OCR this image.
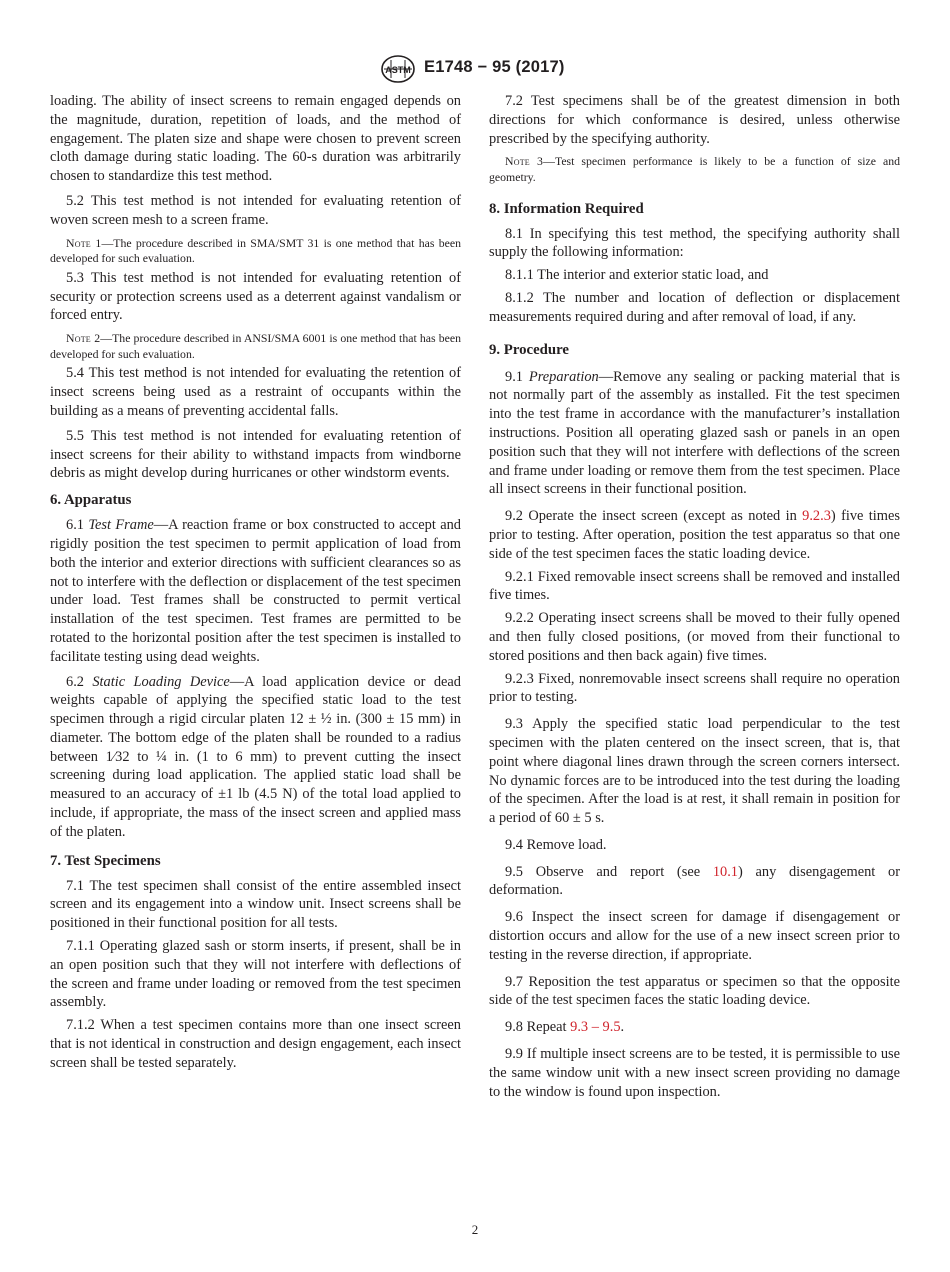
ASTM E1748 − 95 (2017)

loading. The ability of insect screens to remain engaged depends on the magnitude, duration, repetition of loads, and the method of engagement. The platen size and shape were chosen to prevent screen cloth damage during static loading. The 60-s duration was arbitrarily chosen to standardize this test method.

5.2 This test method is not intended for evaluating retention of woven screen mesh to a screen frame.

Note 1—The procedure described in SMA/SMT 31 is one method that has been developed for such evaluation.

5.3 This test method is not intended for evaluating retention of security or protection screens used as a deterrent against vandalism or forced entry.

Note 2—The procedure described in ANSI/SMA 6001 is one method that has been developed for such evaluation.

5.4 This test method is not intended for evaluating the retention of insect screens being used as a restraint of occupants within the building as a means of preventing accidental falls.

5.5 This test method is not intended for evaluating retention of insect screens for their ability to withstand impacts from windborne debris as might develop during hurricanes or other windstorm events.

6. Apparatus

6.1 Test Frame—A reaction frame or box constructed to accept and rigidly position the test specimen to permit application of load from both the interior and exterior directions with sufficient clearances so as not to interfere with the deflection or displacement of the test specimen under load. Test frames shall be constructed to permit vertical installation of the test specimen. Test frames are permitted to be rotated to the horizontal position after the test specimen is installed to facilitate testing using dead weights.

6.2 Static Loading Device—A load application device or dead weights capable of applying the specified static load to the test specimen through a rigid circular platen 12 ± ½ in. (300 ± 15 mm) in diameter. The bottom edge of the platen shall be rounded to a radius between 1⁄32 to ¼ in. (1 to 6 mm) to prevent cutting the insect screening during load application. The applied static load shall be measured to an accuracy of ±1 lb (4.5 N) of the total load applied to include, if appropriate, the mass of the insect screen and applied mass of the platen.

7. Test Specimens

7.1 The test specimen shall consist of the entire assembled insect screen and its engagement into a window unit. Insect screens shall be positioned in their functional position for all tests.

7.1.1 Operating glazed sash or storm inserts, if present, shall be in an open position such that they will not interfere with deflections of the screen and frame under loading or removed from the test specimen assembly.

7.1.2 When a test specimen contains more than one insect screen that is not identical in construction and design engagement, each insect screen shall be tested separately.

7.2 Test specimens shall be of the greatest dimension in both directions for which conformance is desired, unless otherwise prescribed by the specifying authority.

Note 3—Test specimen performance is likely to be a function of size and geometry.

8. Information Required

8.1 In specifying this test method, the specifying authority shall supply the following information:

8.1.1 The interior and exterior static load, and

8.1.2 The number and location of deflection or displacement measurements required during and after removal of load, if any.

9. Procedure

9.1 Preparation—Remove any sealing or packing material that is not normally part of the assembly as installed. Fit the test specimen into the test frame in accordance with the manufacturer’s installation instructions. Position all operating glazed sash or panels in an open position such that they will not interfere with deflections of the screen and frame under loading or remove them from the test specimen. Place all insect screens in their functional position.

9.2 Operate the insect screen (except as noted in 9.2.3) five times prior to testing. After operation, position the test apparatus so that one side of the test specimen faces the static loading device.

9.2.1 Fixed removable insect screens shall be removed and installed five times.

9.2.2 Operating insect screens shall be moved to their fully opened and then fully closed positions, (or moved from their functional to stored positions and then back again) five times.

9.2.3 Fixed, nonremovable insect screens shall require no operation prior to testing.

9.3 Apply the specified static load perpendicular to the test specimen with the platen centered on the insect screen, that is, that point where diagonal lines drawn through the screen corners intersect. No dynamic forces are to be introduced into the test during the loading of the specimen. After the load is at rest, it shall remain in position for a period of 60 ± 5 s.

9.4 Remove load.

9.5 Observe and report (see 10.1) any disengagement or deformation.

9.6 Inspect the insect screen for damage if disengagement or distortion occurs and allow for the use of a new insect screen prior to testing in the reverse direction, if appropriate.

9.7 Reposition the test apparatus or specimen so that the opposite side of the test specimen faces the static loading device.

9.8 Repeat 9.3 – 9.5.

9.9 If multiple insect screens are to be tested, it is permissible to use the same window unit with a new insect screen providing no damage to the window is found upon inspection.

2
